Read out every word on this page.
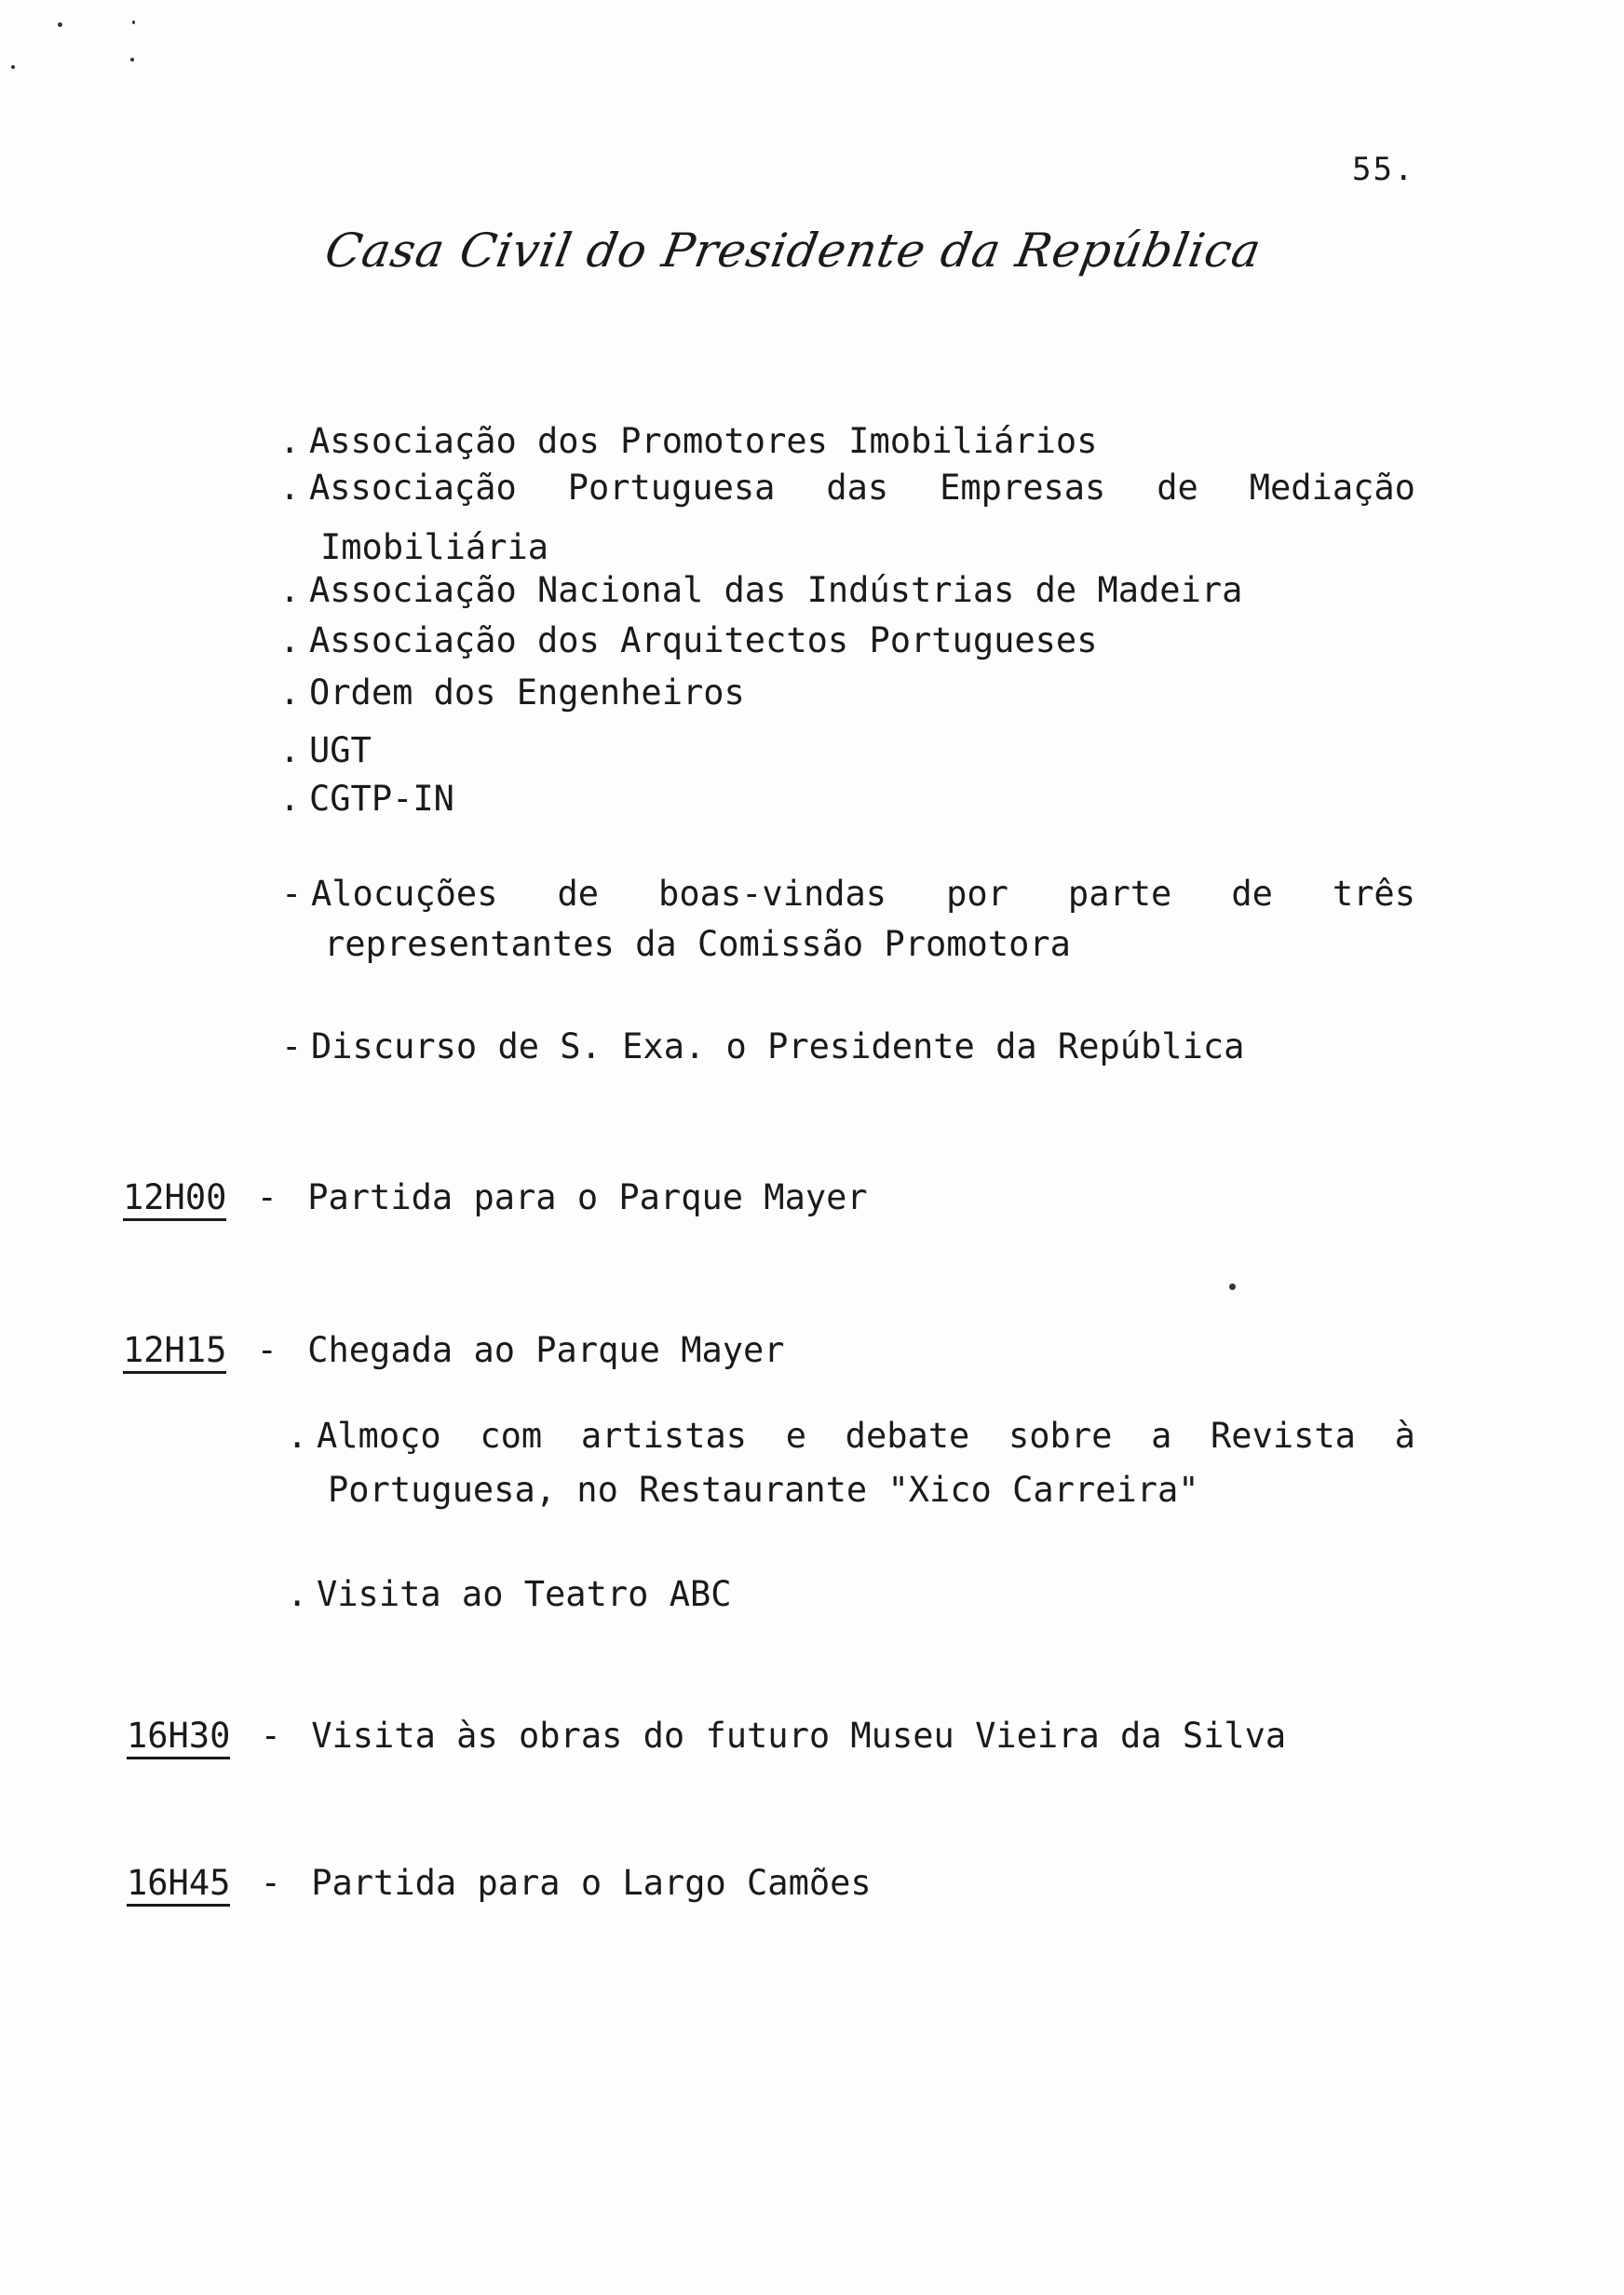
55.
Casa Civil do Presidente da República
. Associação dos Promotores Imobiliários
. Associação Portuguesa das Empresas de Mediação
Imobiliária
. Associação Nacional das Indústrias de Madeira
. Associação dos Arquitectos Portugueses
. Ordem dos Engenheiros
. UGT
. CGTP-IN
- Alocuções de boas-vindas por parte de três
representantes da Comissão Promotora
- Discurso de S. Exa. o Presidente da República
12H00 - Partida para o Parque Mayer
12H15 - Chegada ao Parque Mayer
. Almoço com artistas e debate sobre a Revista à
Portuguesa, no Restaurante "Xico Carreira"
. Visita ao Teatro ABC
16H30 - Visita às obras do futuro Museu Vieira da Silva
16H45 - Partida para o Largo Camões
